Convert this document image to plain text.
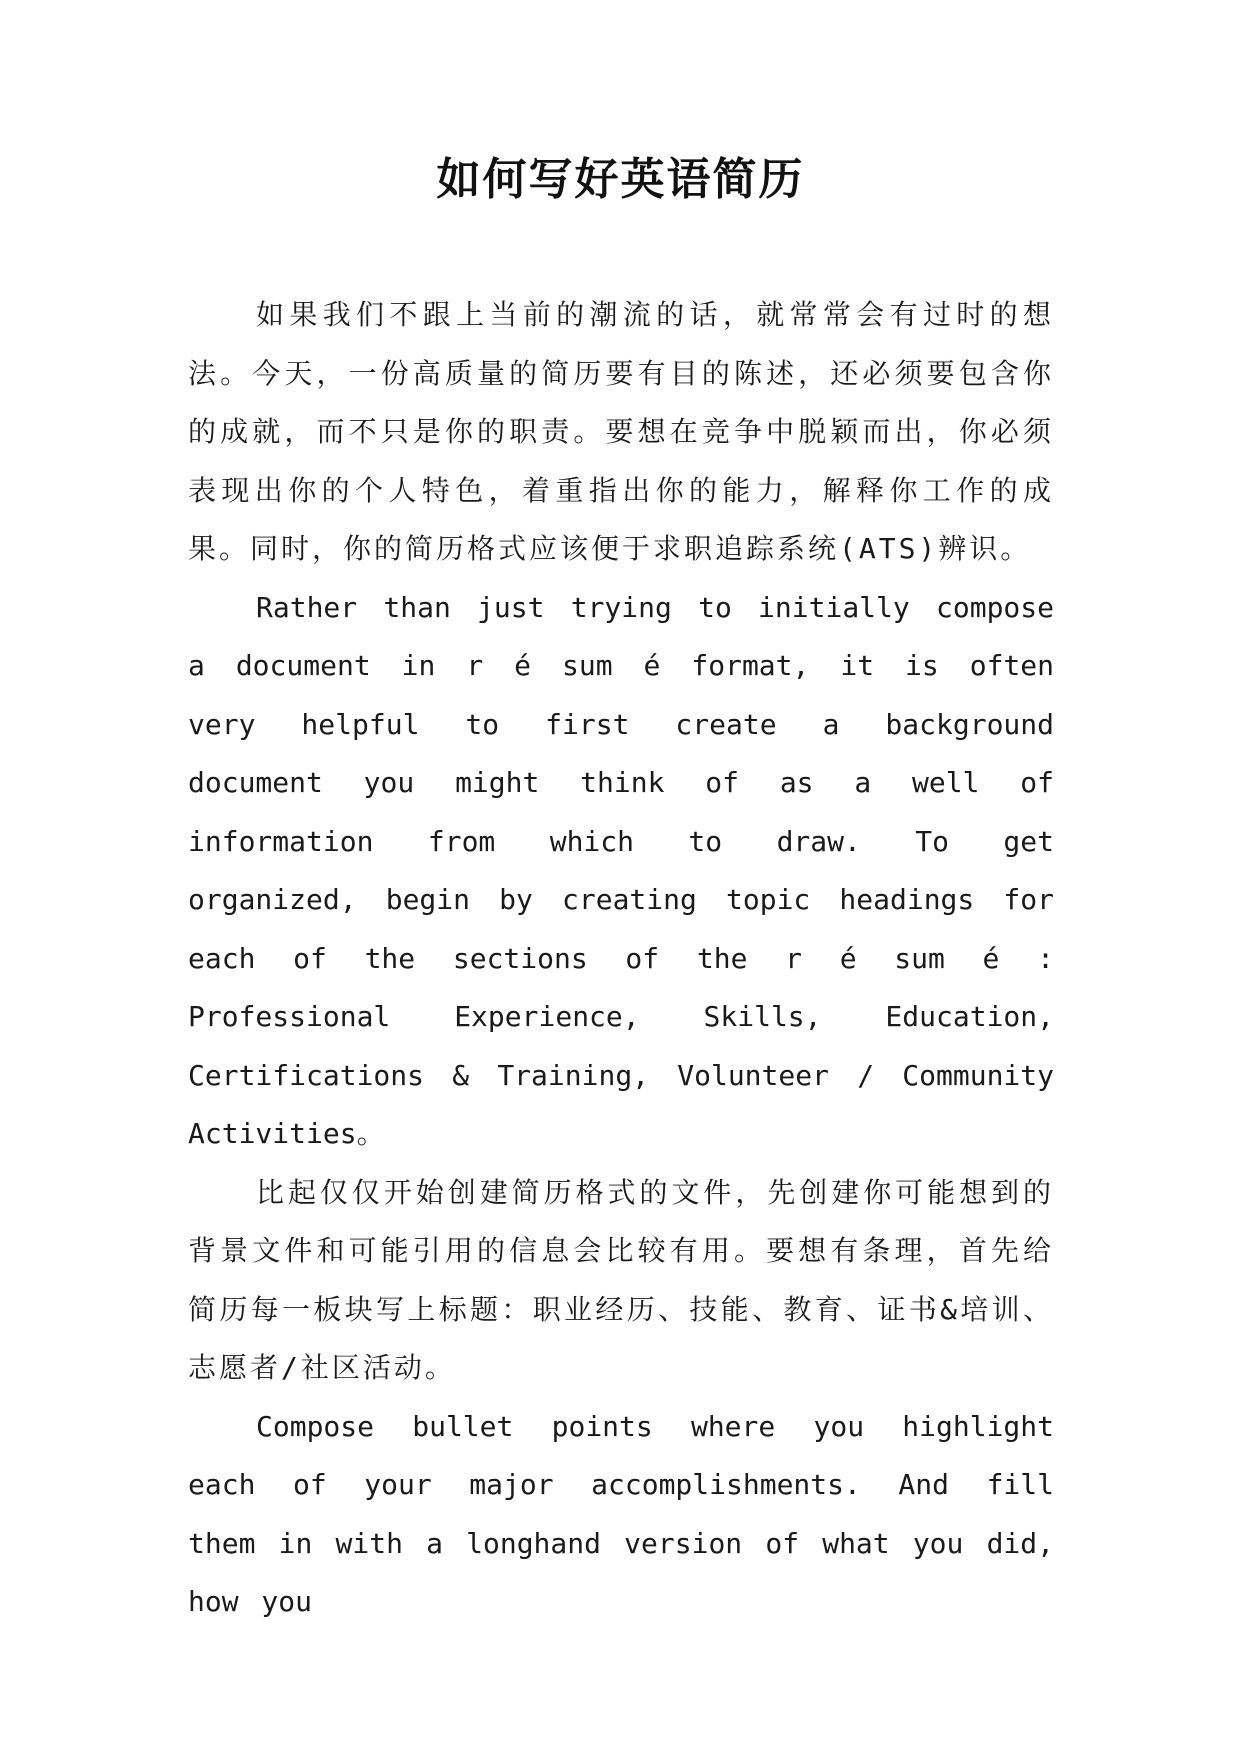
如何写好英语简历

如果我们不跟上当前的潮流的话，就常常会有过时的想法。今天，一份高质量的简历要有目的陈述，还必须要包含你的成就，而不只是你的职责。要想在竞争中脱颖而出，你必须表现出你的个人特色，着重指出你的能力，解释你工作的成果。同时，你的简历格式应该便于求职追踪系统(ATS)辨识。

Rather than just trying to initially compose a document in r é sum é format, it is often very helpful to first create a background document you might think of as a well of information from which to draw. To get organized, begin by creating topic headings for each of the sections of the r é sum é : Professional Experience, Skills, Education, Certifications & Training, Volunteer / Community Activities。

比起仅仅开始创建简历格式的文件，先创建你可能想到的背景文件和可能引用的信息会比较有用。要想有条理，首先给简历每一板块写上标题：职业经历、技能、教育、证书&培训、志愿者/社区活动。

Compose bullet points where you highlight each of your major accomplishments. And fill them in with a longhand version of what you did, how you
